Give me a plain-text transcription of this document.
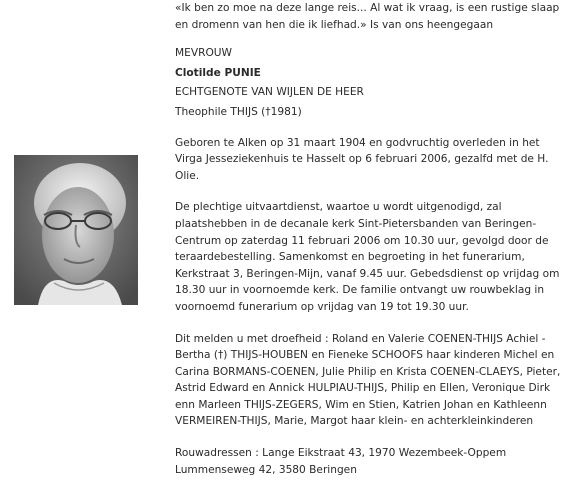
«Ik ben zo moe na deze lange reis... Al wat ik vraag, is een rustige slaap

en dromenn van hen die ik liefhad.» Is van ons heengegaan

MEVROUW

Clotilde PUNIE

ECHTGENOTE VAN WIJLEN DE HEER

Theophile THIJS (†1981)

Geboren te Alken op 31 maart 1904 en godvruchtig overleden in het

Virga Jesseziekenhuis te Hasselt op 6 februari 2006, gezalfd met de H.

Olie.

De plechtige uitvaartdienst, waartoe u wordt uitgenodigd, zal

plaatshebben in de decanale kerk Sint-Pietersbanden van Beringen-

Centrum op zaterdag 11 februari 2006 om 10.30 uur, gevolgd door de

teraardebestelling. Samenkomst en begroeting in het funerarium,

Kerkstraat 3, Beringen-Mijn, vanaf 9.45 uur. Gebedsdienst op vrijdag om

18.30 uur in voornoemde kerk. De familie ontvangt uw rouwbeklag in

voornoemd funerarium op vrijdag van 19 tot 19.30 uur.

Dit melden u met droefheid : Roland en Valerie COENEN-THIJS Achiel -

Bertha (†) THIJS-HOUBEN en Fieneke SCHOOFS haar kinderen Michel en

Carina BORMANS-COENEN, Julie Philip en Krista COENEN-CLAEYS, Pieter,

Astrid Edward en Annick HULPIAU-THIJS, Philip en Ellen, Veronique Dirk

enn Marleen THIJS-ZEGERS, Wim en Stien, Katrien Johan en Kathleenn

VERMEIREN-THIJS, Marie, Margot haar klein- en achterkleinkinderen

Rouwadressen : Lange Eikstraat 43, 1970 Wezembeek-Oppem

Lummenseweg 42, 3580 Beringen
